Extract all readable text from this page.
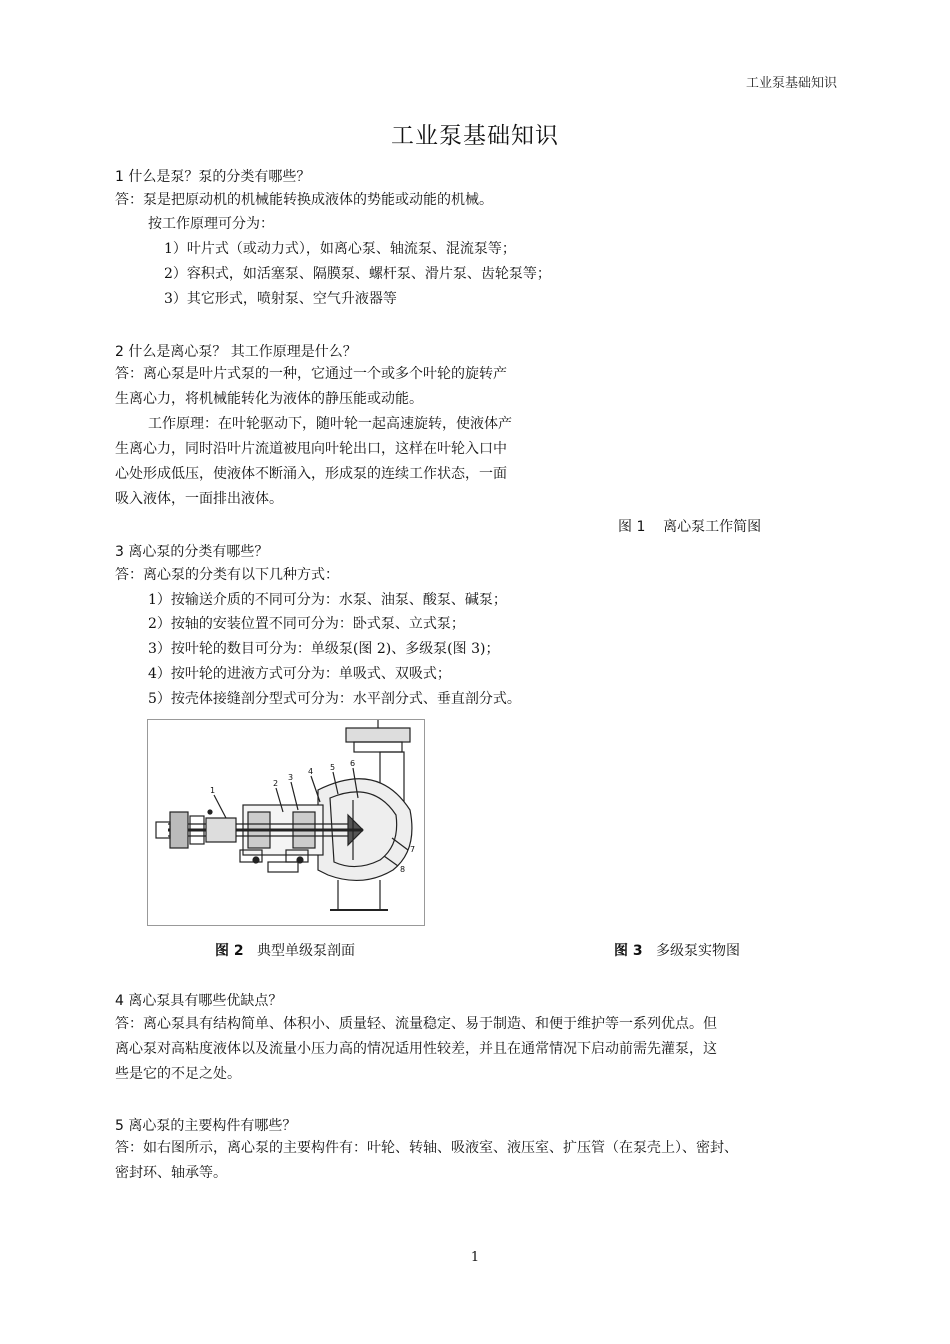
工业泵基础知识
工业泵基础知识
1 什么是泵？泵的分类有哪些？
答：泵是把原动机的机械能转换成液体的势能或动能的机械。
按工作原理可分为：
1）叶片式（或动力式），如离心泵、轴流泵、混流泵等；
2）容积式，如活塞泵、隔膜泵、螺杆泵、滑片泵、齿轮泵等；
3）其它形式，喷射泵、空气升液器等
2 什么是离心泵？ 其工作原理是什么？
答：离心泵是叶片式泵的一种，它通过一个或多个叶轮的旋转产
生离心力，将机械能转化为液体的静压能或动能。
工作原理：在叶轮驱动下，随叶轮一起高速旋转，使液体产
生离心力，同时沿叶片流道被甩向叶轮出口，这样在叶轮入口中
心处形成低压，使液体不断涌入，形成泵的连续工作状态，一面
吸入液体，一面排出液体。
图 1    离心泵工作简图
3 离心泵的分类有哪些？
答：离心泵的分类有以下几种方式：
1）按输送介质的不同可分为：水泵、油泵、酸泵、碱泵；
2）按轴的安装位置不同可分为：卧式泵、立式泵；
3）按叶轮的数目可分为：单级泵(图 2)、多级泵(图 3)；
4）按叶轮的进液方式可分为：单吸式、双吸式；
5）按壳体接缝剖分型式可分为：水平剖分式、垂直剖分式。
1
2
3
4 5 6
7
8
图 2 典型单级泵剖面	图 3 多级泵实物图
4 离心泵具有哪些优缺点？
答：离心泵具有结构简单、体积小、质量轻、流量稳定、易于制造、和便于维护等一系列优点。但
离心泵对高粘度液体以及流量小压力高的情况适用性较差，并且在通常情况下启动前需先灌泵，这
些是它的不足之处。
5 离心泵的主要构件有哪些？
答：如右图所示，离心泵的主要构件有：叶轮、转轴、吸液室、液压室、扩压管（在泵壳上）、密封、
密封环、轴承等。
1
